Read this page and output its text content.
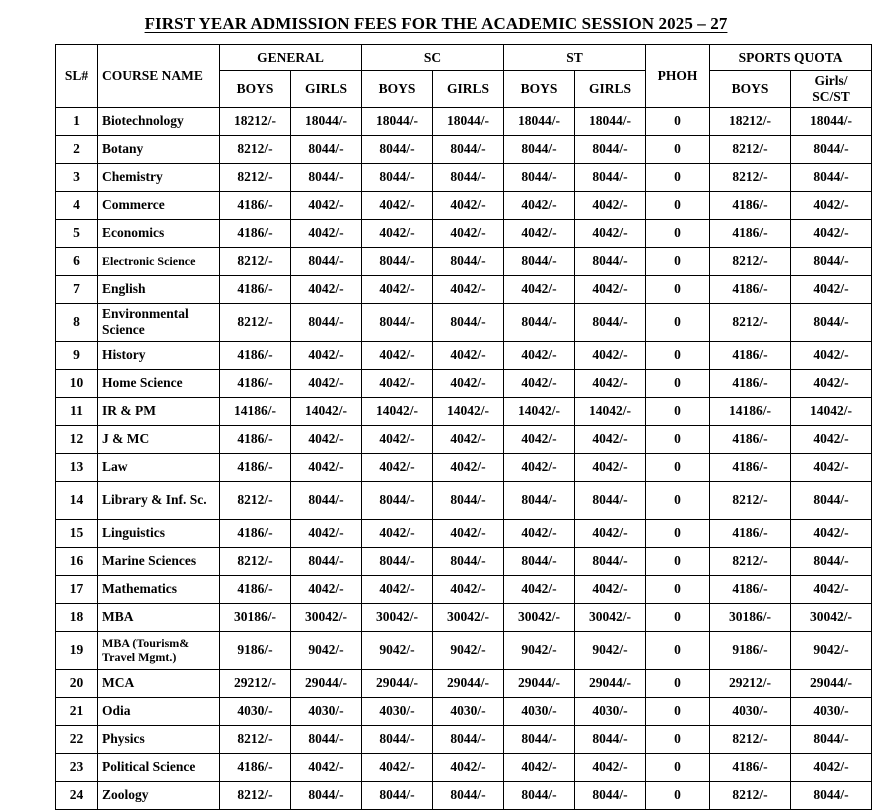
FIRST YEAR ADMISSION FEES FOR THE ACADEMIC SESSION 2025 – 27
SL#	COURSE NAME	GENERAL		SC		ST		PHOH	SPORTS QUOTA	
		BOYS	GIRLS	BOYS	GIRLS	BOYS	GIRLS		BOYS	Girls/ SC/ST
1	Biotechnology	18212/-	18044/-	18044/-	18044/-	18044/-	18044/-	0	18212/-	18044/-
2	Botany	8212/-	8044/-	8044/-	8044/-	8044/-	8044/-	0	8212/-	8044/-
3	Chemistry	8212/-	8044/-	8044/-	8044/-	8044/-	8044/-	0	8212/-	8044/-
4	Commerce	4186/-	4042/-	4042/-	4042/-	4042/-	4042/-	0	4186/-	4042/-
5	Economics	4186/-	4042/-	4042/-	4042/-	4042/-	4042/-	0	4186/-	4042/-
6	Electronic Science	8212/-	8044/-	8044/-	8044/-	8044/-	8044/-	0	8212/-	8044/-
7	English	4186/-	4042/-	4042/-	4042/-	4042/-	4042/-	0	4186/-	4042/-
8	Environmental Science	8212/-	8044/-	8044/-	8044/-	8044/-	8044/-	0	8212/-	8044/-
9	History	4186/-	4042/-	4042/-	4042/-	4042/-	4042/-	0	4186/-	4042/-
10	Home Science	4186/-	4042/-	4042/-	4042/-	4042/-	4042/-	0	4186/-	4042/-
11	IR & PM	14186/-	14042/-	14042/-	14042/-	14042/-	14042/-	0	14186/-	14042/-
12	J & MC	4186/-	4042/-	4042/-	4042/-	4042/-	4042/-	0	4186/-	4042/-
13	Law	4186/-	4042/-	4042/-	4042/-	4042/-	4042/-	0	4186/-	4042/-
14	Library & Inf. Sc.	8212/-	8044/-	8044/-	8044/-	8044/-	8044/-	0	8212/-	8044/-
15	Linguistics	4186/-	4042/-	4042/-	4042/-	4042/-	4042/-	0	4186/-	4042/-
16	Marine Sciences	8212/-	8044/-	8044/-	8044/-	8044/-	8044/-	0	8212/-	8044/-
17	Mathematics	4186/-	4042/-	4042/-	4042/-	4042/-	4042/-	0	4186/-	4042/-
18	MBA	30186/-	30042/-	30042/-	30042/-	30042/-	30042/-	0	30186/-	30042/-
19	MBA (Tourism& Travel Mgmt.)	9186/-	9042/-	9042/-	9042/-	9042/-	9042/-	0	9186/-	9042/-
20	MCA	29212/-	29044/-	29044/-	29044/-	29044/-	29044/-	0	29212/-	29044/-
21	Odia	4030/-	4030/-	4030/-	4030/-	4030/-	4030/-	0	4030/-	4030/-
22	Physics	8212/-	8044/-	8044/-	8044/-	8044/-	8044/-	0	8212/-	8044/-
23	Political Science	4186/-	4042/-	4042/-	4042/-	4042/-	4042/-	0	4186/-	4042/-
24	Zoology	8212/-	8044/-	8044/-	8044/-	8044/-	8044/-	0	8212/-	8044/-
